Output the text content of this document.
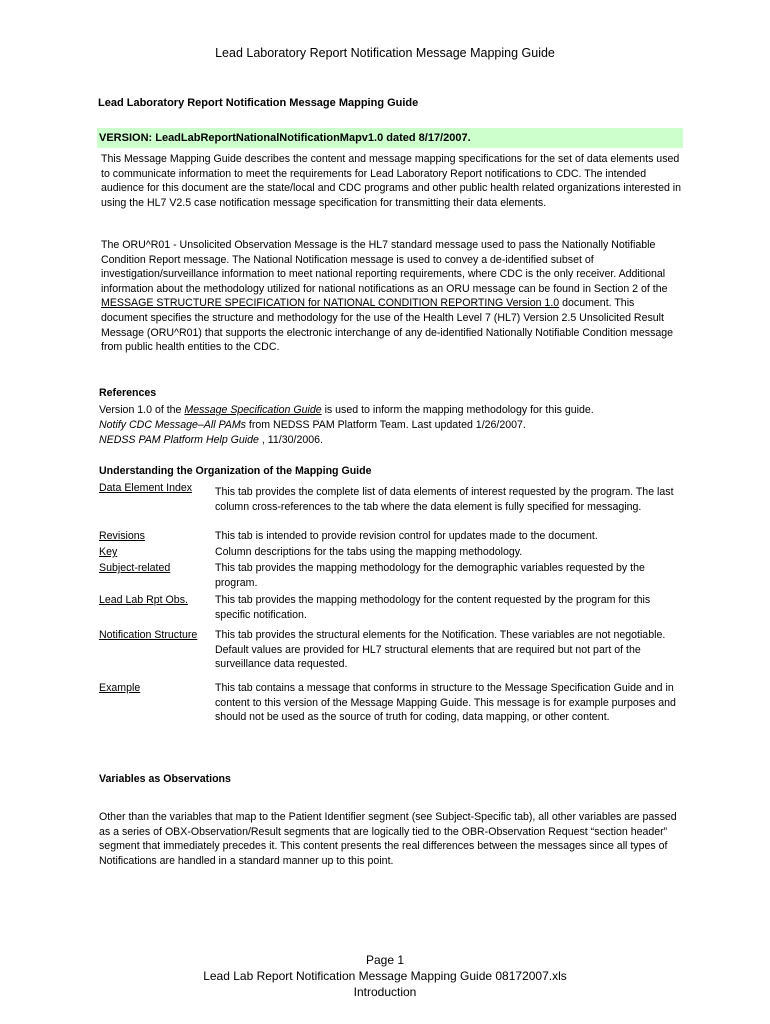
Lead Laboratory Report Notification Message Mapping Guide
Lead Laboratory Report Notification Message Mapping Guide
VERSION: LeadLabReportNationalNotificationMapv1.0 dated 8/17/2007.
This Message Mapping Guide describes the content and message mapping specifications for the set of data elements used to communicate information to meet the requirements for Lead Laboratory Report notifications to CDC. The intended audience for this document are the state/local and CDC programs and other public health related organizations interested in using the HL7 V2.5 case notification message specification for transmitting their data elements.
The ORU^R01 - Unsolicited Observation Message is the HL7 standard message used to pass the Nationally Notifiable Condition Report message. The National Notification message is used to convey a de-identified subset of investigation/surveillance information to meet national reporting requirements, where CDC is the only receiver. Additional information about the methodology utilized for national notifications as an ORU message can be found in Section 2 of the MESSAGE STRUCTURE SPECIFICATION for NATIONAL CONDITION REPORTING Version 1.0 document. This document specifies the structure and methodology for the use of the Health Level 7 (HL7) Version 2.5 Unsolicited Result Message (ORU^R01) that supports the electronic interchange of any de-identified Nationally Notifiable Condition message from public health entities to the CDC.
References
Version 1.0 of the Message Specification Guide is used to inform the mapping methodology for this guide.
Notify CDC Message–All PAMs from NEDSS PAM Platform Team. Last updated 1/26/2007.
NEDSS PAM Platform Help Guide , 11/30/2006.
Understanding the Organization of the Mapping Guide
Data Element Index	This tab provides the complete list of data elements of interest requested by the program. The last column cross-references to the tab where the data element is fully specified for messaging.
Revisions	This tab is intended to provide revision control for updates made to the document.
Key	Column descriptions for the tabs using the mapping methodology.
Subject-related	This tab provides the mapping methodology for the demographic variables requested by the program.
Lead Lab Rpt Obs.	This tab provides the mapping methodology for the content requested by the program for this specific notification.
Notification Structure	This tab provides the structural elements for the Notification. These variables are not negotiable. Default values are provided for HL7 structural elements that are required but not part of the surveillance data requested.
Example	This tab contains a message that conforms in structure to the Message Specification Guide and in content to this version of the Message Mapping Guide. This message is for example purposes and should not be used as the source of truth for coding, data mapping, or other content.
Variables as Observations
Other than the variables that map to the Patient Identifier segment (see Subject-Specific tab), all other variables are passed as a series of OBX-Observation/Result segments that are logically tied to the OBR-Observation Request “section header” segment that immediately precedes it. This content presents the real differences between the messages since all types of Notifications are handled in a standard manner up to this point.
Page 1
Lead Lab Report Notification Message Mapping Guide 08172007.xls
Introduction
